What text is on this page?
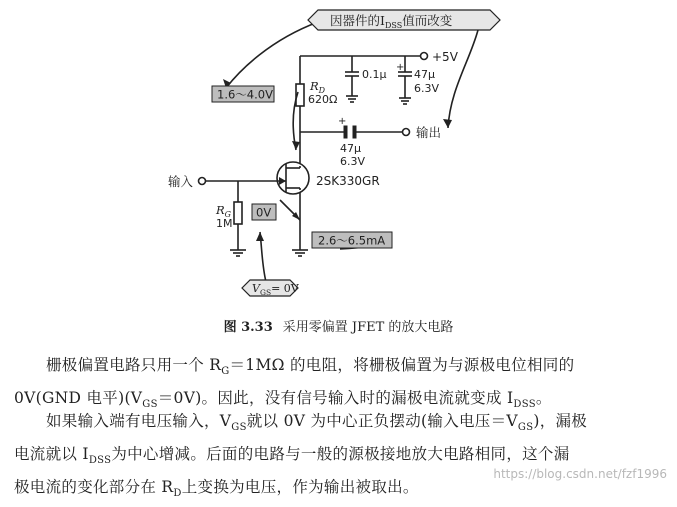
因器件的$I_{DSS}$值而改变
1.6～4.0V
+5V
$R_D$
620Ω
0.1μ
+
47μ
6.3V
+
47μ
6.3V
输出
输入	2SK330GR
$R_G$
1M
0V
2.6～6.5mA
$V_{GS}= 0V$
图 3.33 采用零偏置 JFET 的放大电路
栅极偏置电路只用一个 $R_G=1M\Omega$ 的电阻，将栅极偏置为与源极电位相同的
0V(GND 电平)$(V_{GS}=0V)$。因此，没有信号输入时的漏极电流就变成 $I_{DSS}$。
如果输入端有电压输入，$V_{GS}$就以 0V 为中心正负摆动(输入电压$=V_{GS}$)，漏极
电流就以 $I_{DSS}$为中心增减。后面的电路与一般的源极接地放大电路相同，这个漏
极电流的变化部分在 $R_D$上变换为电压，作为输出被取出。
https://blog.csdn.net/fzf1996
